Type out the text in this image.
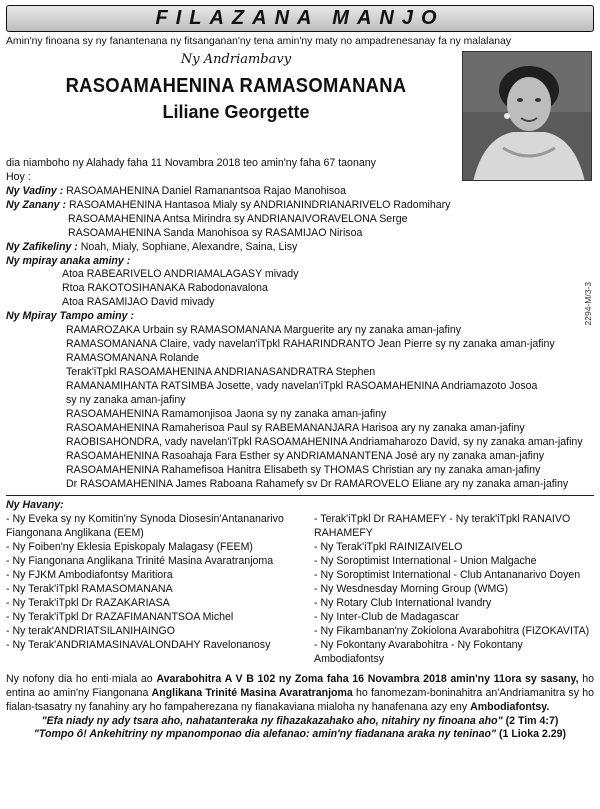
FILAZANA MANJO
Amin'ny finoana sy ny fanantenana ny fitsanganan'ny tena amin'ny maty no ampadrenesanay fa ny malalanay
Ny Andriambavy
RASOAMAHENINA RAMASOMANANA
Liliane Georgette
dia niamboho ny Alahady faha 11 Novambra 2018 teo amin'ny faha 67 taonany
Hoy :
Ny Vadiny : RASOAMAHENINA Daniel Ramanantsoa Rajao Manohisoa
Ny Zanany : RASOAMAHENINA Hantasoa Mialy sy ANDRIANINDRIANARIVELO Radomihary
RASOAMAHENINA Antsa Mirindra sy ANDRIANAIVORAVELONA Serge
RASOAMAHENINA Sanda Manohisoa sy RASAMIJAO Nirisoa
Ny Zafikeliny : Noah, Mialy, Sophiane, Alexandre, Saina, Lisy
Ny mpiray anaka aminy :
Atoa RABEARIVELO ANDRIAMALAGASY mivady
Rtoa RAKOTOSIHANAKA Rabodonavalona
Atoa RASAMIJAO David mivady
Ny Mpiray Tampo aminy :
RAMAROZAKA Urbain sy RAMASOMANANA Marguerite ary ny zanaka aman-jafiny
RAMASOMANANA Claire, vady navelan'iTpkl RAHARINDRANTO Jean Pierre sy ny zanaka aman-jafiny
RAMASOMANANA Rolande
Terak'iTpkl RASOAMAHENINA ANDRIANASANDRATRA Stephen
RAMANAMIHANTA RATSIMBA Josette, vady navelan'iTpkl RASOAMAHENINA Andriamazoto Josoa
sy ny zanaka aman-jafiny
RASOAMAHENINA Ramamonjisoa Jaona sy ny zanaka aman-jafiny
RASOAMAHENINA Ramaherisoa Paul sy RABEMANANJARA Harisoa ary ny zanaka aman-jafiny
RAOBISAHONDRA, vady navelan'iTpkl RASOAMAHENINA Andriamaharozo David, sy ny zanaka aman-jafiny
RASOAMAHENINA Rasoahaja Fara Esther sy ANDRIAMANANTENA José ary ny zanaka aman-jafiny
RASOAMAHENINA Rahamefisoa Hanitra Elisabeth sy THOMAS Christian ary ny zanaka aman-jafiny
Dr RASOAMAHENINA James Raboana Rahamefy sv Dr RAMAROVELO Eliane ary ny zanaka aman-jafiny
2294-M/3-3
Ny Havany:
- Ny Eveka sy ny Komitin'ny Synoda Diosesin'Antananarivo
Fiangonana Anglikana (EEM)
- Ny Foiben'ny Eklesia Episkopaly Malagasy (FEEM)
- Ny Fiangonana Anglikana Trinité Masina Avaratranjoma
- Ny FJKM Ambodiafontsy Maritiora
- Ny Terak'iTpkl RAMASOMANANA
- Ny Terak'iTpkl Dr RAZAKARIASA
- Ny Terak'iTpkl Dr RAZAFIMANANTSOA Michel
- Ny terak'ANDRIATSILANIHAINGO
- Ny Terak'ANDRIAMASINAVALONDAHY Ravelonanosy
- Terak'iTpkl Dr RAHAMEFY - Ny terak'iTpkl RANAIVO
RAHAMEFY
- Ny Terak'iTpkl RAINIZAIVELO
- Ny Soroptimist International - Union Malgache
- Ny Soroptimist International - Club Antananarivo Doyen
- Ny Wesdnesday Morning Group (WMG)
- Ny Rotary Club International Ivandry
- Ny Inter-Club de Madagascar
- Ny Fikambanan'ny Zokiolona Avarabohitra (FIZOKAVITA)
- Ny Fokontany Avarabohitra - Ny Fokontany Ambodiafontsy
Ny nofony dia ho enti·miala ao Avarabohitra A V B 102 ny Zoma faha 16 Novambra 2018 amin'ny 11ora sy sasany, ho entina ao amin'ny Fiangonana Anglikana Trinité Masina Avaratranjoma ho fanomezam-boninahitra an'Andriamanitra sy ho fialan-tsasatry ny fanahiny ary ho fampaherezana ny fianakaviana mialoha ny hanafenana azy eny Ambodiafontsy.
"Efa niady ny ady tsara aho, nahatanteraka ny fihazakazahako aho, nitahiry ny finoana aho" (2 Tim 4:7)
"Tompo ô! Ankehitriny ny mpanomponao dia alefanao: amin'ny fiadanana araka ny teninao" (1 Lioka 2.29)
